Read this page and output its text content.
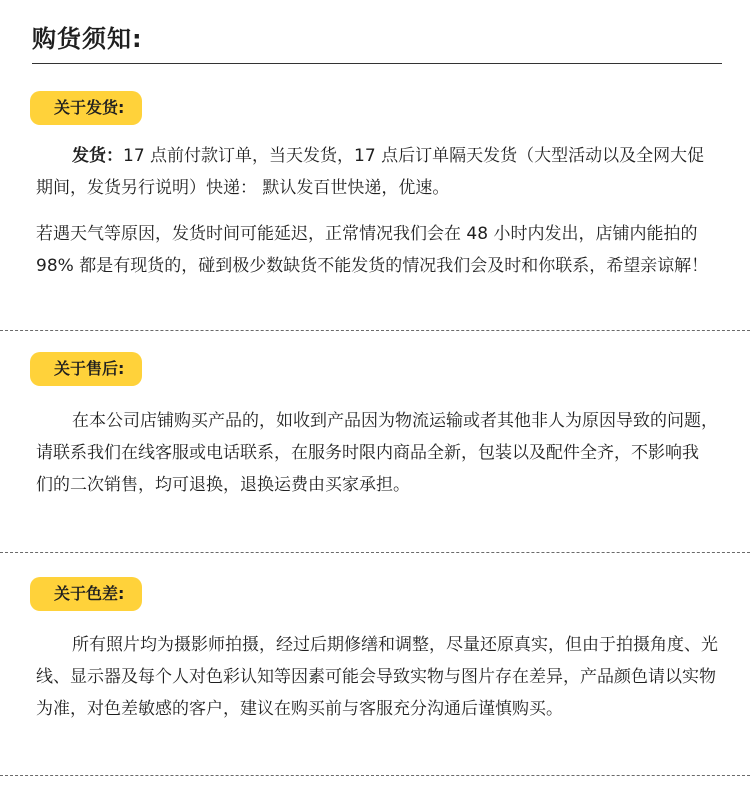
购货须知:
关于发货:

发货：17 点前付款订单，当天发货，17 点后订单隔天发货（大型活动以及全网大促期间，发货另行说明）快递： 默认发百世快递，优速。

若遇天气等原因，发货时间可能延迟，正常情况我们会在 48 小时内发出，店铺内能拍的 98% 都是有现货的，碰到极少数缺货不能发货的情况我们会及时和你联系，希望亲谅解！

关于售后:

在本公司店铺购买产品的，如收到产品因为物流运输或者其他非人为原因导致的问题，请联系我们在线客服或电话联系，在服务时限内商品全新，包装以及配件全齐，不影响我 们的二次销售，均可退换，退换运费由买家承担。

关于色差:

所有照片均为摄影师拍摄，经过后期修缮和调整，尽量还原真实，但由于拍摄角度、光线、显示器及每个人对色彩认知等因素可能会导致实物与图片存在差异，产品颜色请以实物为准，对色差敏感的客户，建议在购买前与客服充分沟通后谨慎购买。
